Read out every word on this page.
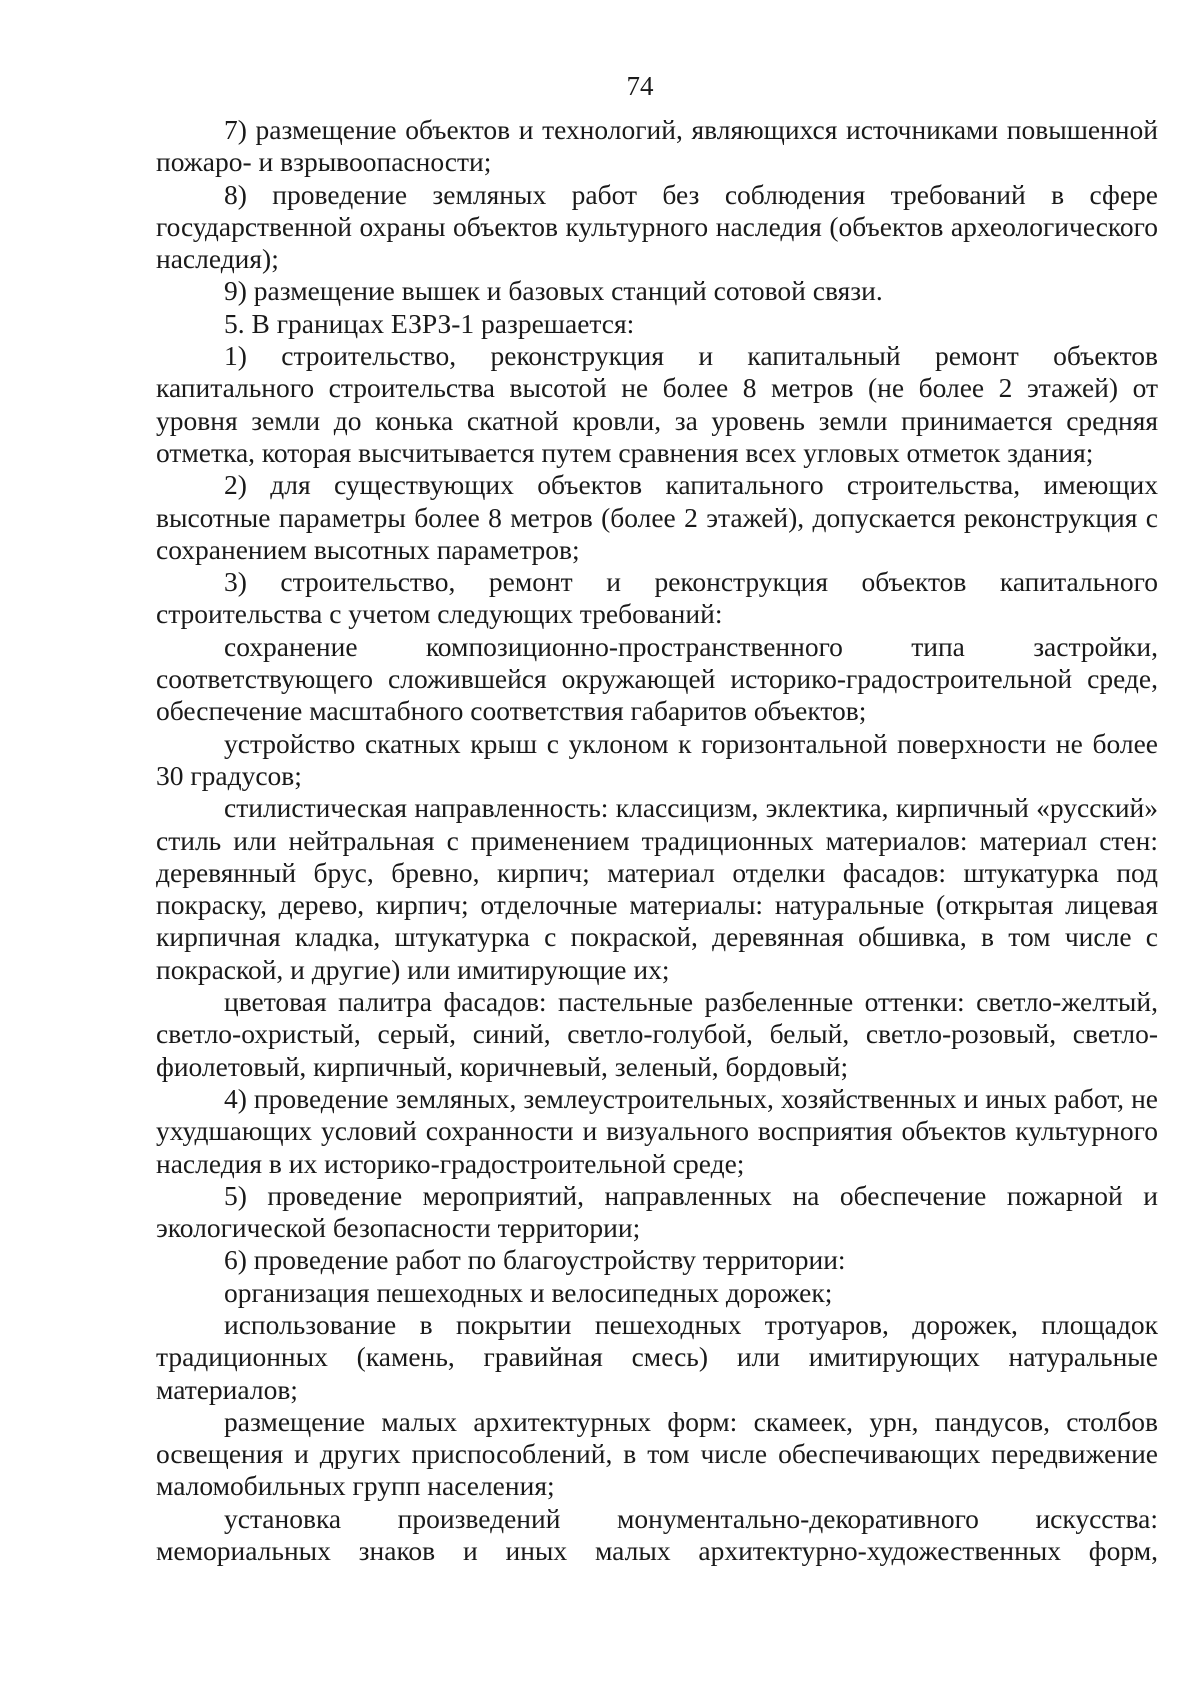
74

7) размещение объектов и технологий, являющихся источниками повышенной пожаро- и взрывоопасности;

8) проведение земляных работ без соблюдения требований в сфере государственной охраны объектов культурного наследия (объектов археологического наследия);

9) размещение вышек и базовых станций сотовой связи.

5. В границах ЕЗРЗ-1 разрешается:

1) строительство, реконструкция и капитальный ремонт объектов капитального строительства высотой не более 8 метров (не более 2 этажей) от уровня земли до конька скатной кровли, за уровень земли принимается средняя отметка, которая высчитывается путем сравнения всех угловых отметок здания;

2) для существующих объектов капитального строительства, имеющих высотные параметры более 8 метров (более 2 этажей), допускается реконструкция с сохранением высотных параметров;

3) строительство, ремонт и реконструкция объектов капитального строительства с учетом следующих требований:

сохранение композиционно-пространственного типа застройки, соответствующего сложившейся окружающей историко-градостроительной среде, обеспечение масштабного соответствия габаритов объектов;

устройство скатных крыш с уклоном к горизонтальной поверхности не более 30 градусов;

стилистическая направленность: классицизм, эклектика, кирпичный «русский» стиль или нейтральная с применением традиционных материалов: материал стен: деревянный брус, бревно, кирпич; материал отделки фасадов: штукатурка под покраску, дерево, кирпич; отделочные материалы: натуральные (открытая лицевая кирпичная кладка, штукатурка с покраской, деревянная обшивка, в том числе с покраской, и другие) или имитирующие их;

цветовая палитра фасадов: пастельные разбеленные оттенки: светло-желтый, светло-охристый, серый, синий, светло-голубой, белый, светло-розовый, светло-фиолетовый, кирпичный, коричневый, зеленый, бордовый;

4) проведение земляных, землеустроительных, хозяйственных и иных работ, не ухудшающих условий сохранности и визуального восприятия объектов культурного наследия в их историко-градостроительной среде;

5) проведение мероприятий, направленных на обеспечение пожарной и экологической безопасности территории;

6) проведение работ по благоустройству территории:

организация пешеходных и велосипедных дорожек;

использование в покрытии пешеходных тротуаров, дорожек, площадок традиционных (камень, гравийная смесь) или имитирующих натуральные материалов;

размещение малых архитектурных форм: скамеек, урн, пандусов, столбов освещения и других приспособлений, в том числе обеспечивающих передвижение маломобильных групп населения;

установка произведений монументально-декоративного искусства: мемориальных знаков и иных малых архитектурно-художественных форм,
